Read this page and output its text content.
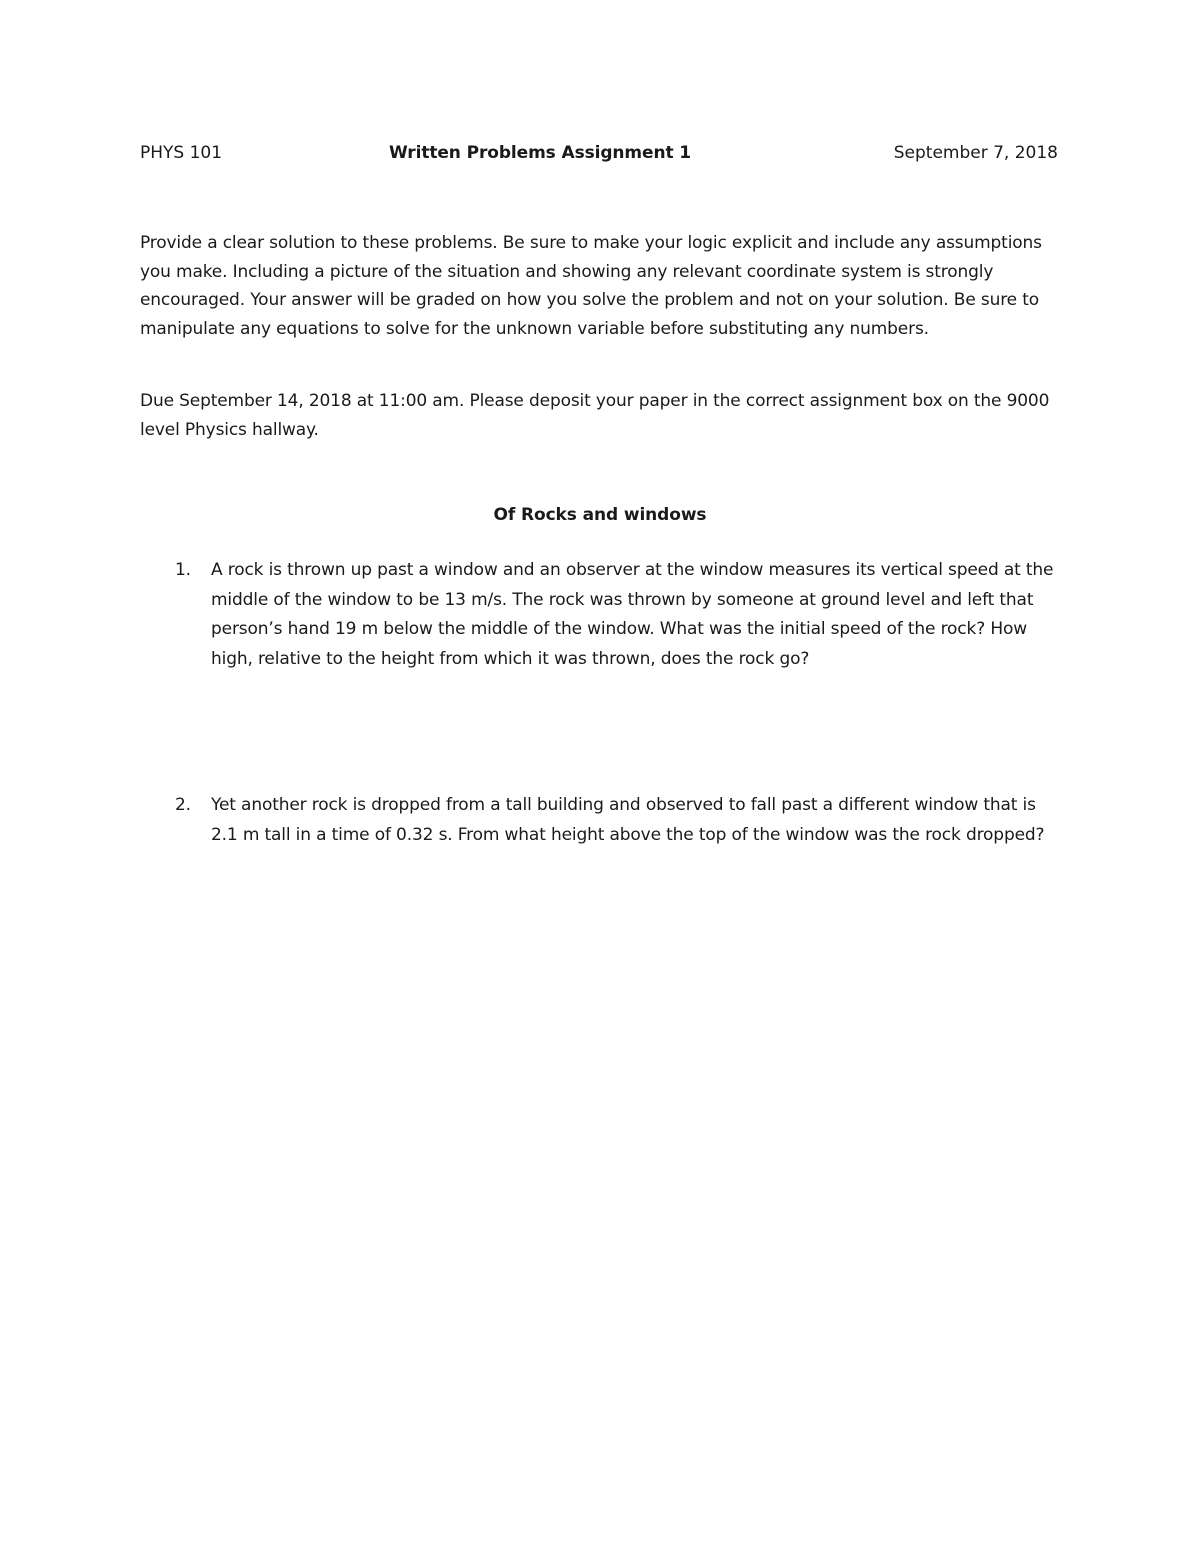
PHYS 101	Written Problems Assignment 1	September 7, 2018

Provide a clear solution to these problems. Be sure to make your logic explicit and include any assumptions you make. Including a picture of the situation and showing any relevant coordinate system is strongly encouraged. Your answer will be graded on how you solve the problem and not on your solution. Be sure to manipulate any equations to solve for the unknown variable before substituting any numbers.

Due September 14, 2018 at 11:00 am. Please deposit your paper in the correct assignment box on the 9000 level Physics hallway.

Of Rocks and windows
1. A rock is thrown up past a window and an observer at the window measures its vertical speed at the middle of the window to be 13 m/s. The rock was thrown by someone at ground level and left that person’s hand 19 m below the middle of the window. What was the initial speed of the rock? How high, relative to the height from which it was thrown, does the rock go?

2. Yet another rock is dropped from a tall building and observed to fall past a different window that is 2.1 m tall in a time of 0.32 s. From what height above the top of the window was the rock dropped?
